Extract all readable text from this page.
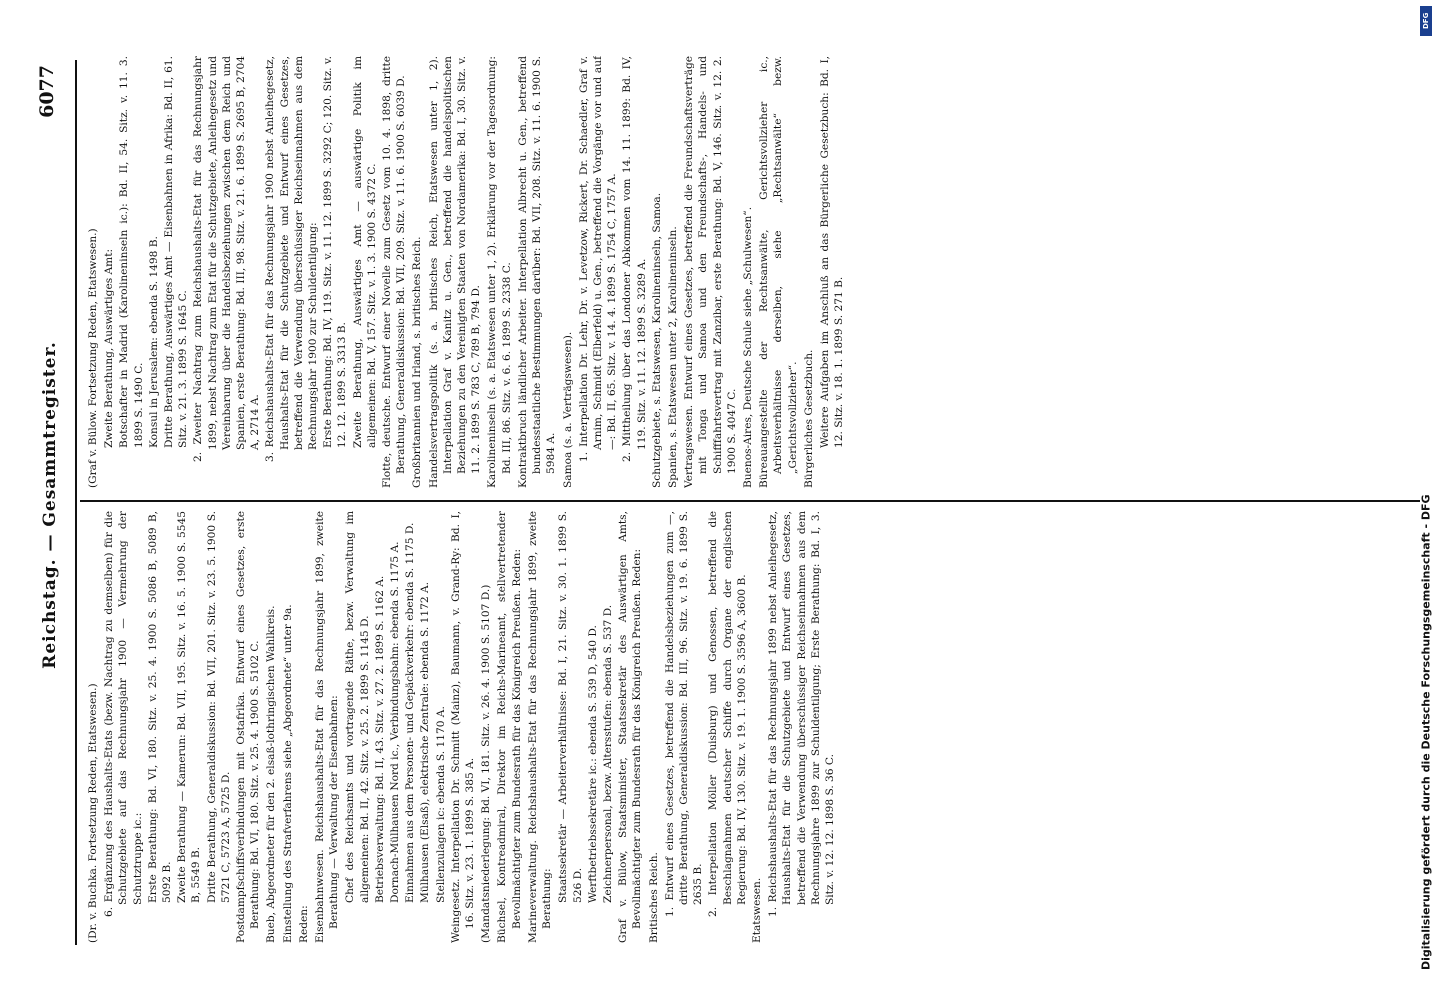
Reichstag. — Gesammtregister.
6077
(Dr. v. Buchka. Fortsetzung Reden, Etatswesen.) 6. Ergänzung des Haushalts-Etats (bezw. Nachtrag zu demselben) für die Schutzgebiete auf das Rechnungsjahr 1900 — Vermehrung der Schutztruppe ic.: Erste Berathung: Bd. VI, 180. Sitz. v. 25. 4. 1900 S. 5086 B, 5089 B, 5092 B. Zweite Berathung — Kamerun: Bd. VII, 195. Sitz. v. 16. 5. 1900 S. 5545 B, 5549 B. Dritte Berathung, Generaldiskussion: Bd. VII, 201. Sitz. v. 23. 5. 1900 S. 5721 C, 5723 A, 5725 D. Postdampfschiffsverbindungen mit Ostafrika. Entwurf eines Gesetzes, erste Berathung: Bd. VI, 180. Sitz. v. 25. 4. 1900 S. 5102 C. Bueb, Abgeordneter für den 2. elsaß-lothringischen Wahlkreis. Einstellung des Strafverfahrens siehe „Abgeordnete“ unter 9a. Reden: Eisenbahnwesen. Reichshaushalts-Etat für das Rechnungsjahr 1899, zweite Berathung — Verwaltung der Eisenbahnen: Chef des Reichsamts und vortragende Räthe, bezw. Verwaltung im allgemeinen: Bd. II, 42. Sitz. v. 25. 2. 1899 S. 1145 D. Betriebsverwaltung: Bd. II, 43. Sitz. v. 27. 2. 1899 S. 1162 A. Dornach-Mülhausen Nord ic., Verbindungsbahn: ebenda S. 1175 A. Einnahmen aus dem Personen- und Gepäckverkehr: ebenda S. 1175 D. Mülhausen (Elsaß), elektrische Zentrale: ebenda S. 1172 A. Stellenzulagen ic: ebenda S. 1170 A. Weingesetz. Interpellation Dr. Schmitt (Mainz), Baumann, v. Grand-Ry: Bd. I, 16. Sitz. v. 23. 1. 1899 S. 385 A. (Mandatsniederlegung: Bd. VI, 181. Sitz. v. 26. 4. 1900 S. 5107 D.) Büchsel, Kontreadmiral, Direktor im Reichs-Marineamt, stellvertretender Bevollmächtigter zum Bundesrath für das Königreich Preußen. Reden: Marineverwaltung. Reichshaushalts-Etat für das Rechnungsjahr 1899, zweite Berathung: Staatssekretär — Arbeiterverhältnisse: Bd. I, 21. Sitz. v. 30. 1. 1899 S. 526 D. Werftbetriebssekretäre ic.: ebenda S. 539 D, 540 D. Zeichnerpersonal, bezw. Altersstufen: ebenda S. 537 D. Graf v. Bülow, Staatsminister, Staatssekretär des Auswärtigen Amts, Bevollmächtigter zum Bundesrath für das Königreich Preußen. Reden: Britisches Reich. 1. Entwurf eines Gesetzes, betreffend die Handelsbeziehungen zum —, dritte Berathung, Generaldiskussion: Bd. III, 96. Sitz. v. 19. 6. 1899 S. 2635 B. 2. Interpellation Möller (Duisburg) und Genossen, betreffend die Beschlagnahmen deutscher Schiffe durch Organe der englischen Regierung: Bd. IV, 130. Sitz. v. 19. 1. 1900 S. 3596 A, 3600 B.
Etatswesen. 1. Reichshaushalts-Etat für das Rechnungsjahr 1899 nebst Anleihegesetz, Haushalts-Etat für die Schutzgebiete und Entwurf eines Gesetzes, betreffend die Verwendung überschüssiger Reichseinnahmen aus dem Rechnungsjahre 1899 zur Schuldentilgung; Erste Berathung: Bd. I, 3. Sitz. v. 12. 12. 1898 S. 36 C.
(Graf v. Bülow. Fortsetzung Reden, Etatswesen.) Zweite Berathung, Auswärtiges Amt: Botschafter in Madrid (Karolineninseln ic.): Bd. II, 54. Sitz. v. 11. 3. 1899 S. 1490 C. Konsul in Jerusalem: ebenda S. 1498 B. Dritte Berathung, Auswärtiges Amt — Eisenbahnen in Afrika: Bd. II, 61. Sitz. v. 21. 3. 1899 S. 1645 C. 2. Zweiter Nachtrag zum Reichshaushalts-Etat für das Rechnungsjahr 1899, nebst Nachtrag zum Etat für die Schutzgebiete, Anleihegesetz und Vereinbarung über die Handelsbeziehungen zwischen dem Reich und Spanien, erste Berathung: Bd. III, 98. Sitz. v. 21. 6. 1899 S. 2695 B, 2704 A, 2714 A. 3. Reichshaushalts-Etat für das Rechnungsjahr 1900 nebst Anleihegesetz, Haushalts-Etat für die Schutzgebiete und Entwurf eines Gesetzes, betreffend die Verwendung überschüssiger Reichseinnahmen aus dem Rechnungsjahr 1900 zur Schuldentilgung: Erste Berathung: Bd. IV, 119. Sitz. v. 11. 12. 1899 S. 3292 C; 120. Sitz. v. 12. 12. 1899 S. 3313 B. Zweite Berathung, Auswärtiges Amt — auswärtige Politik im allgemeinen: Bd. V, 157. Sitz. v. 1. 3. 1900 S. 4372 C. Flotte, deutsche. Entwurf einer Novelle zum Gesetz vom 10. 4. 1898, dritte Berathung, Generaldiskussion: Bd. VII, 209. Sitz. v. 11. 6. 1900 S. 6039 D. Großbritannien und Irland, s. britisches Reich. Handelsvertragspolitik (s. a. britisches Reich, Etatswesen unter 1, 2). Interpellation Graf v. Kanitz u. Gen., betreffend die handelspolitischen Beziehungen zu den Vereinigten Staaten von Nordamerika: Bd. I, 30. Sitz. v. 11. 2. 1899 S. 783 C, 789 B, 794 D. Karolineninseln (s. a. Etatswesen unter 1, 2). Erklärung vor der Tagesordnung: Bd. III, 86. Sitz. v. 6. 6. 1899 S. 2338 C. Kontraktbruch ländlicher Arbeiter. Interpellation Albrecht u. Gen., betreffend bundesstaatliche Bestimmungen darüber: Bd. VII, 208. Sitz. v. 11. 6. 1900 S. 5984 A. Samoa (s. a. Verträgswesen). 1. Interpellation Dr. Lehr, Dr. v. Levetzow, Rickert, Dr. Schaedler, Graf v. Arnim, Schmidt (Elberfeld) u. Gen., betreffend die Vorgänge vor und auf —: Bd. II, 65. Sitz. v. 14. 4. 1899 S. 1754 C, 1757 A. 2. Mittheilung über das Londoner Abkommen vom 14. 11. 1899: Bd. IV, 119. Sitz. v. 11. 12. 1899 S. 3289 A. Schutzgebiete, s. Etatswesen, Karolineninseln, Samoa. Spanien, s. Etatswesen unter 2, Karolineninseln. Vertragswesen. Entwurf eines Gesetzes, betreffend die Freundschaftsverträge mit Tonga und Samoa und den Freundschafts-, Handels- und Schifffahrtsvertrag mit Zanzibar, erste Berathung: Bd. V, 146. Sitz. v. 12. 2. 1900 S. 4047 C. Buenos-Aires, Deutsche Schule siehe „Schulwesen“. Büreauangestellte der Rechtsanwälte, Gerichtsvollzieher ic., Arbeitsverhältnisse derselben, siehe „Rechtsanwälte“ bezw. „Gerichtsvollzieher“. Bürgerliches Gesetzbuch. Weitere Aufgaben im Anschluß an das Bürgerliche Gesetzbuch: Bd. I, 12. Sitz. v. 18. 1. 1899 S. 271 B.
DFG
Digitalisierung gefördert durch die Deutsche Forschungsgemeinschaft - DFG
